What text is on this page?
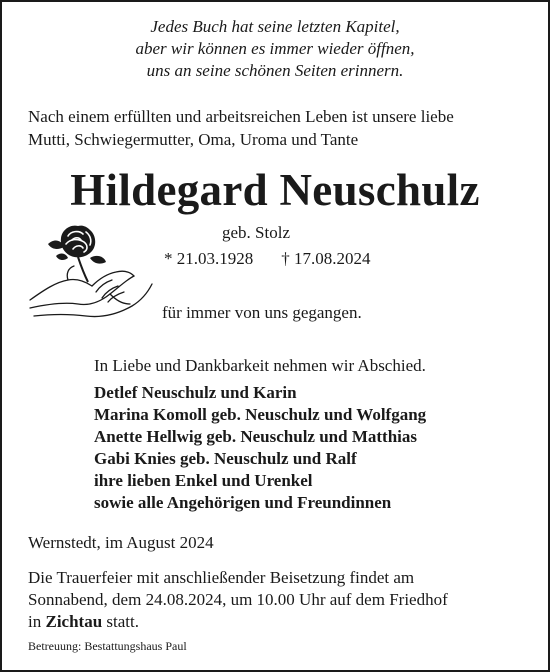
Jedes Buch hat seine letzten Kapitel,
aber wir können es immer wieder öffnen,
uns an seine schönen Seiten erinnern.
Nach einem erfüllten und arbeitsreichen Leben ist unsere liebe
Mutti, Schwiegermutter, Oma, Uroma und Tante
Hildegard Neuschulz
geb. Stolz
* 21.03.1928 † 17.08.2024
für immer von uns gegangen.
In Liebe und Dankbarkeit nehmen wir Abschied.
Detlef Neuschulz und Karin
Marina Komoll geb. Neuschulz und Wolfgang
Anette Hellwig geb. Neuschulz und Matthias
Gabi Knies geb. Neuschulz und Ralf
ihre lieben Enkel und Urenkel
sowie alle Angehörigen und Freundinnen
Wernstedt, im August 2024
Die Trauerfeier mit anschließender Beisetzung findet am
Sonnabend, dem 24.08.2024, um 10.00 Uhr auf dem Friedhof
in Zichtau statt.
Betreuung: Bestattungshaus Paul
